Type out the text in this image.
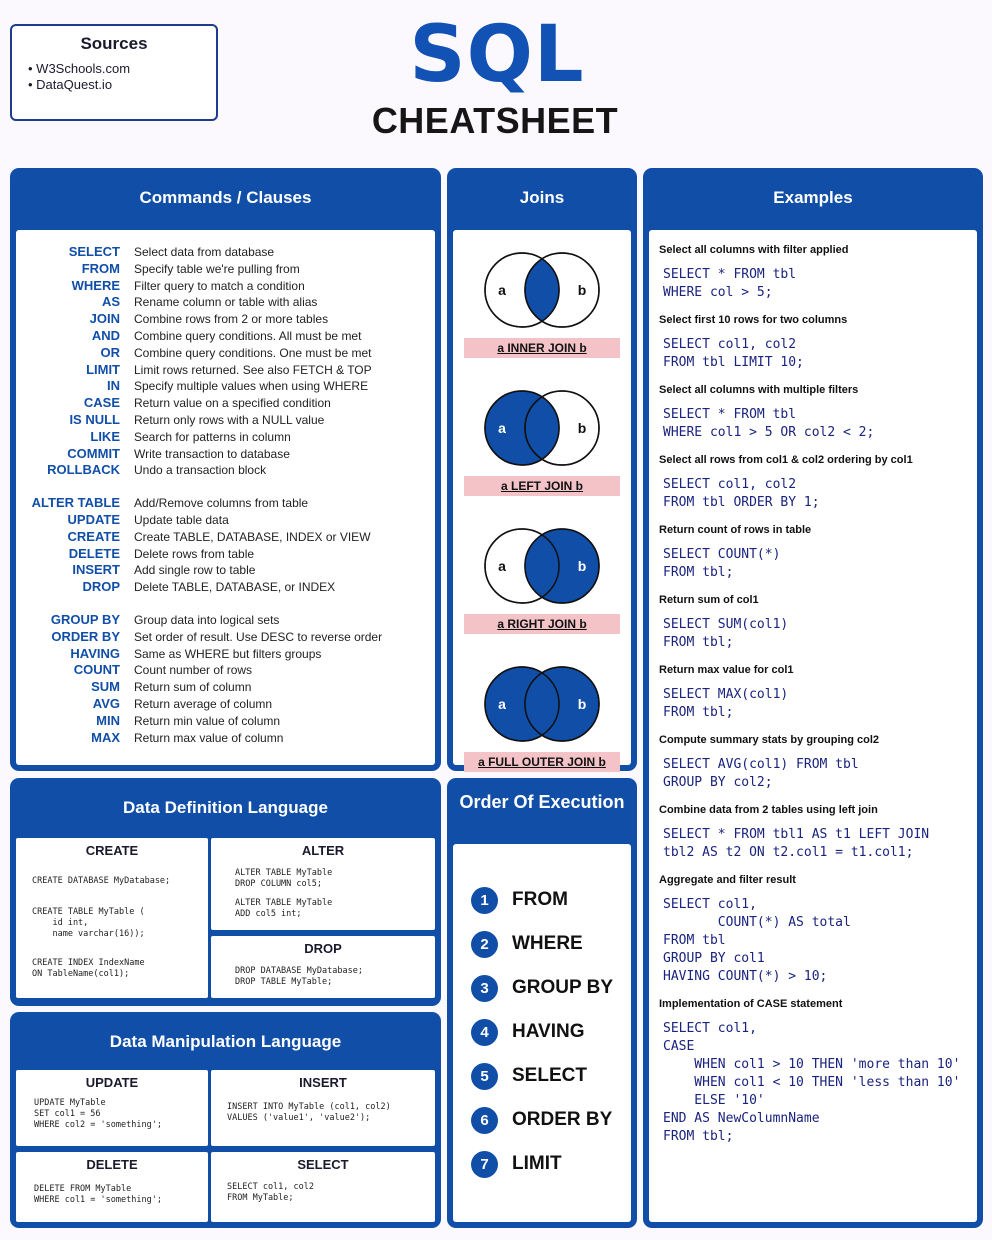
Sources
• W3Schools.com
• DataQuest.io	SQL
CHEATSHEET
Commands / Clauses
SELECT	Select data from database
FROM	Specify table we're pulling from
WHERE	Filter query to match a condition
AS	Rename column or table with alias
JOIN	Combine rows from 2 or more tables
AND	Combine query conditions. All must be met
OR	Combine query conditions. One must be met
LIMIT	Limit rows returned. See also FETCH & TOP
IN	Specify multiple values when using WHERE
CASE	Return value on a specified condition
IS NULL	Return only rows with a NULL value
LIKE	Search for patterns in column
COMMIT	Write transaction to database
ROLLBACK	Undo a transaction block
ALTER TABLE	Add/Remove columns from table
UPDATE	Update table data
CREATE	Create TABLE, DATABASE, INDEX or VIEW
DELETE	Delete rows from table
INSERT	Add single row to table
DROP	Delete TABLE, DATABASE, or INDEX
GROUP BY	Group data into logical sets
ORDER BY	Set order of result. Use DESC to reverse order
HAVING	Same as WHERE but filters groups
COUNT	Count number of rows
SUM	Return sum of column
AVG	Return average of column
MIN	Return min value of column
MAX	Return max value of column
Joins
a	b
a INNER JOIN b
a	b
a LEFT JOIN b
a	b
a RIGHT JOIN b
a	b
a FULL OUTER JOIN b
Examples
Select all columns with filter applied
SELECT * FROM tbl
WHERE col > 5;
Select first 10 rows for two columns
SELECT col1, col2
FROM tbl LIMIT 10;
Select all columns with multiple filters
SELECT * FROM tbl
WHERE col1 > 5 OR col2 < 2;
Select all rows from col1 & col2 ordering by col1
SELECT col1, col2
FROM tbl ORDER BY 1;
Return count of rows in table
SELECT COUNT(*)
FROM tbl;
Return sum of col1
SELECT SUM(col1)
FROM tbl;
Return max value for col1
SELECT MAX(col1)
FROM tbl;
Compute summary stats by grouping col2
SELECT AVG(col1) FROM tbl
GROUP BY col2;
Combine data from 2 tables using left join
SELECT * FROM tbl1 AS t1 LEFT JOIN
tbl2 AS t2 ON t2.col1 = t1.col1;
Aggregate and filter result
SELECT col1,
COUNT(*) AS total
FROM tbl
GROUP BY col1
HAVING COUNT(*) > 10;
Implementation of CASE statement
SELECT col1,
CASE
WHEN col1 > 10 THEN 'more than 10'
WHEN col1 < 10 THEN 'less than 10'
ELSE '10'
END AS NewColumnName
FROM tbl;
Data Definition Language
CREATE
CREATE DATABASE MyDatabase;
CREATE TABLE MyTable (
id int,
name varchar(16));
CREATE INDEX IndexName
ON TableName(col1);
ALTER
ALTER TABLE MyTable
DROP COLUMN col5;
ALTER TABLE MyTable
ADD col5 int;
DROP
DROP DATABASE MyDatabase;
DROP TABLE MyTable;
Data Manipulation Language
UPDATE
UPDATE MyTable
SET col1 = 56
WHERE col2 = 'something';
INSERT
INSERT INTO MyTable (col1, col2)
VALUES ('value1', 'value2');
DELETE
DELETE FROM MyTable
WHERE col1 = 'something';
SELECT
SELECT col1, col2
FROM MyTable;
Order Of Execution
1	FROM
2	WHERE
3	GROUP BY
4	HAVING
5	SELECT
6	ORDER BY
7	LIMIT
